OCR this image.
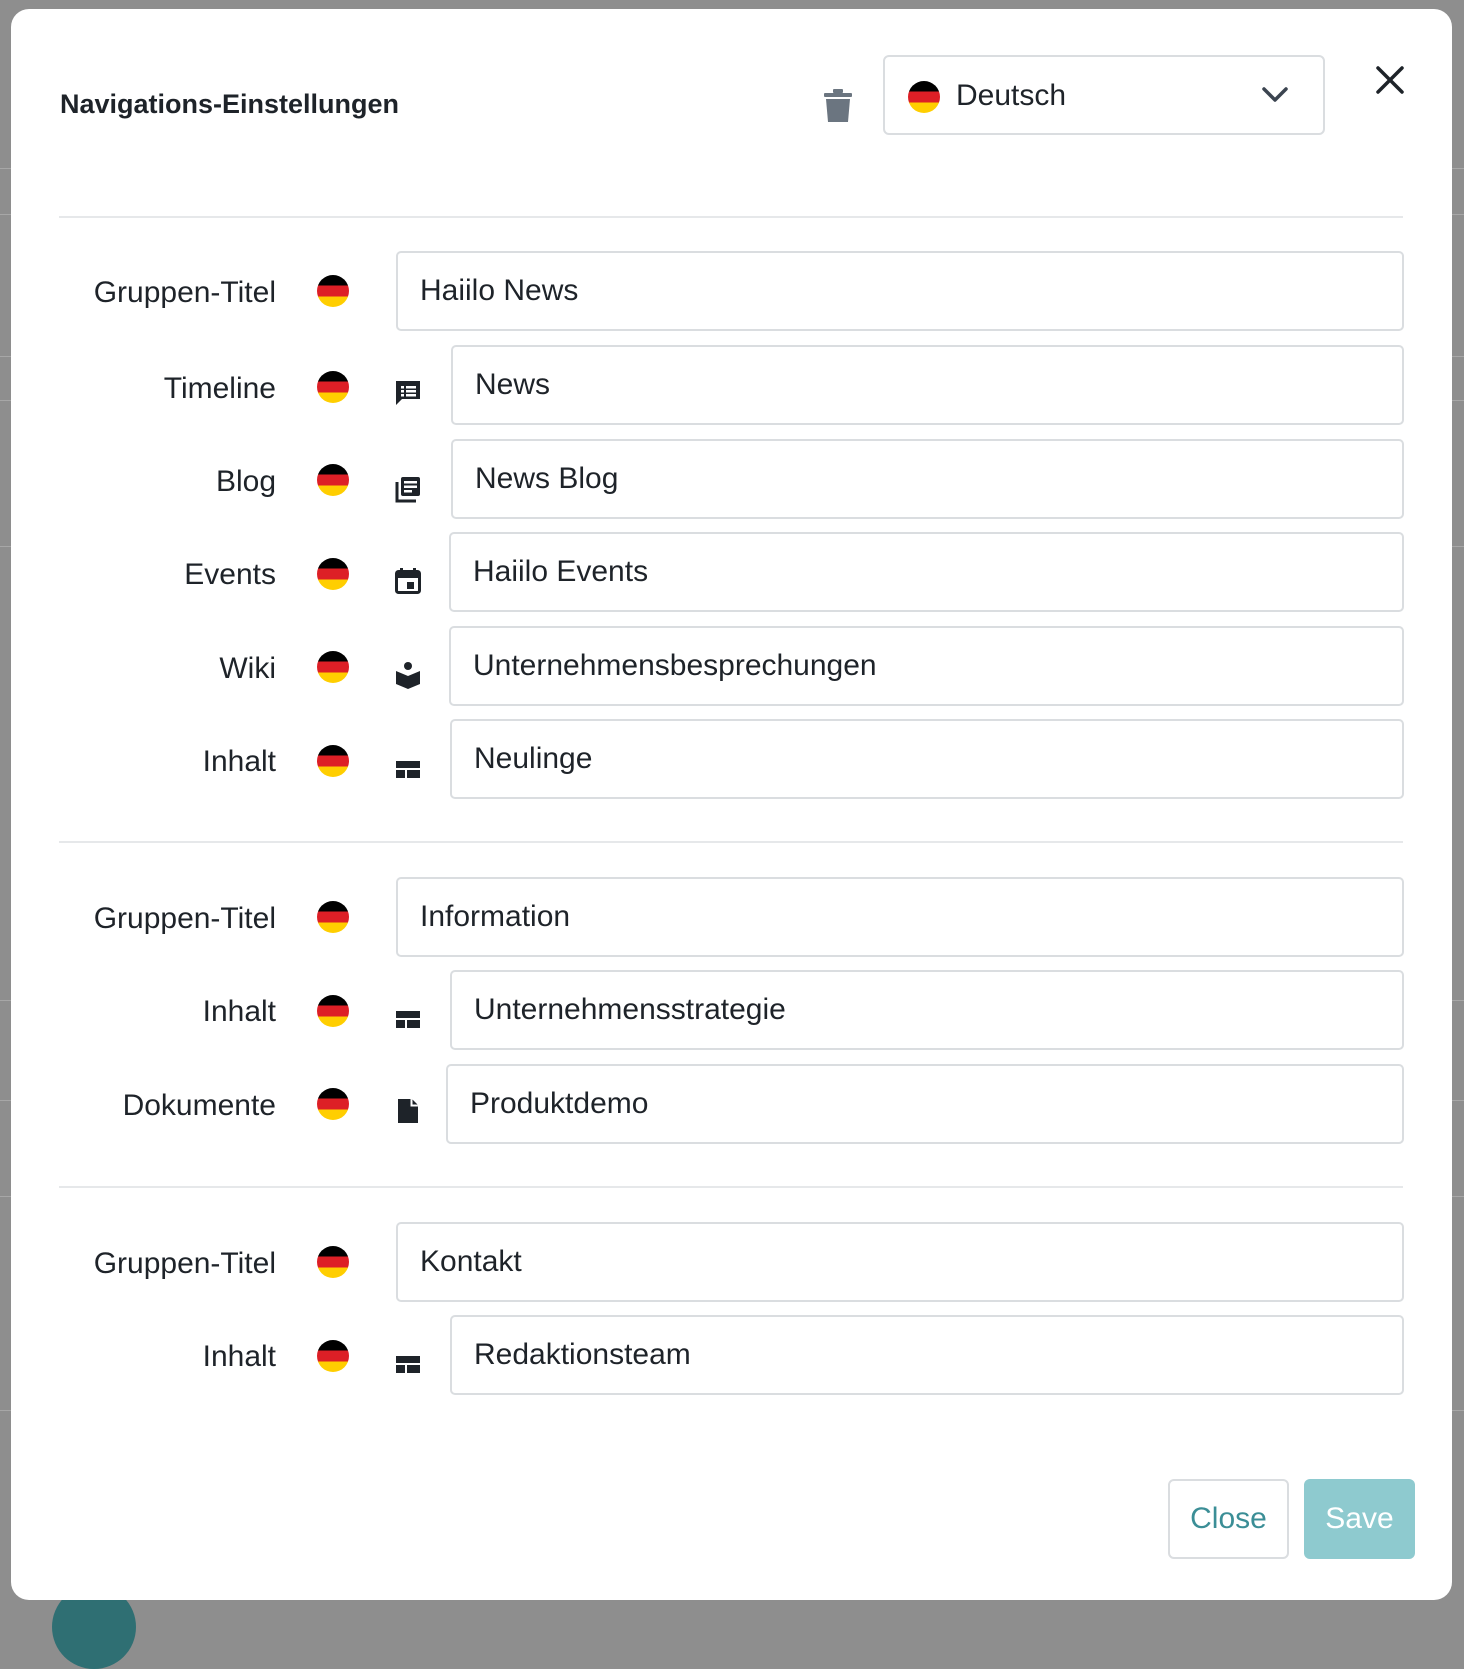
Navigations-Einstellungen	Deutsch
Gruppen-Titel
Haiilo News
Timeline
News
Blog
News Blog
Events
Haiilo Events
Wiki
Unternehmensbesprechungen
Inhalt
Neulinge
Gruppen-Titel
Information
Inhalt
Unternehmensstrategie
Dokumente
Produktdemo
Gruppen-Titel
Kontakt
Inhalt
Redaktionsteam
Close	Save
